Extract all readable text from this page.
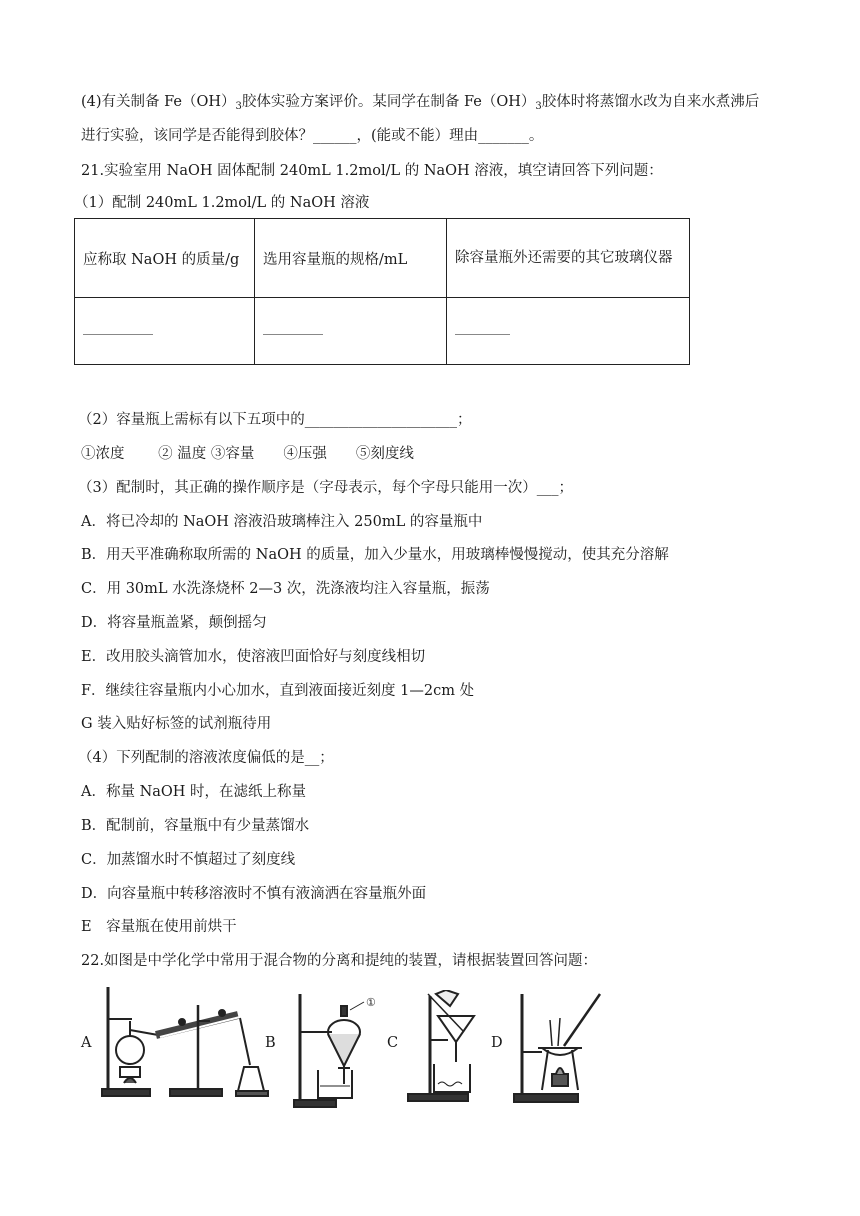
(4)有关制备 $Fe(OH)_3$胶体实验方案评价。某同学在制备 $Fe(OH)_3$胶体时将蒸馏水改为自来水煮沸后
进行实验，该同学是否能得到胶体？______，(能或不能）理由_______。
21.实验室用 NaOH 固体配制 240mL 1.2mol/L 的 NaOH 溶液，填空请回答下列问题：
（1）配制 240mL 1.2mol/L 的 NaOH 溶液
应称取 NaOH 的质量/g	选用容量瓶的规格/mL	除容量瓶外还需要的其它玻璃仪器

（2）容量瓶上需标有以下五项中的_____________________；
①浓度　　 ② 温度 ③容量　　④压强　　⑤刻度线
（3）配制时，其正确的操作顺序是（字母表示，每个字母只能用一次）___；
A．将已冷却的 NaOH 溶液沿玻璃棒注入 250mL 的容量瓶中
B．用天平准确称取所需的 NaOH 的质量，加入少量水，用玻璃棒慢慢搅动，使其充分溶解
C．用 30mL 水洗涤烧杯 2—3 次，洗涤液均注入容量瓶，振荡
D．将容量瓶盖紧，颠倒摇匀
E．改用胶头滴管加水，使溶液凹面恰好与刻度线相切
F．继续往容量瓶内小心加水，直到液面接近刻度 1—2cm 处
G 装入贴好标签的试剂瓶待用
（4）下列配制的溶液浓度偏低的是__；
A．称量 NaOH 时，在滤纸上称量
B．配制前，容量瓶中有少量蒸馏水
C．加蒸馏水时不慎超过了刻度线
D．向容量瓶中转移溶液时不慎有液滴洒在容量瓶外面
E　容量瓶在使用前烘干
22.如图是中学化学中常用于混合物的分离和提纯的装置，请根据装置回答问题：
A	B	C	D
①
